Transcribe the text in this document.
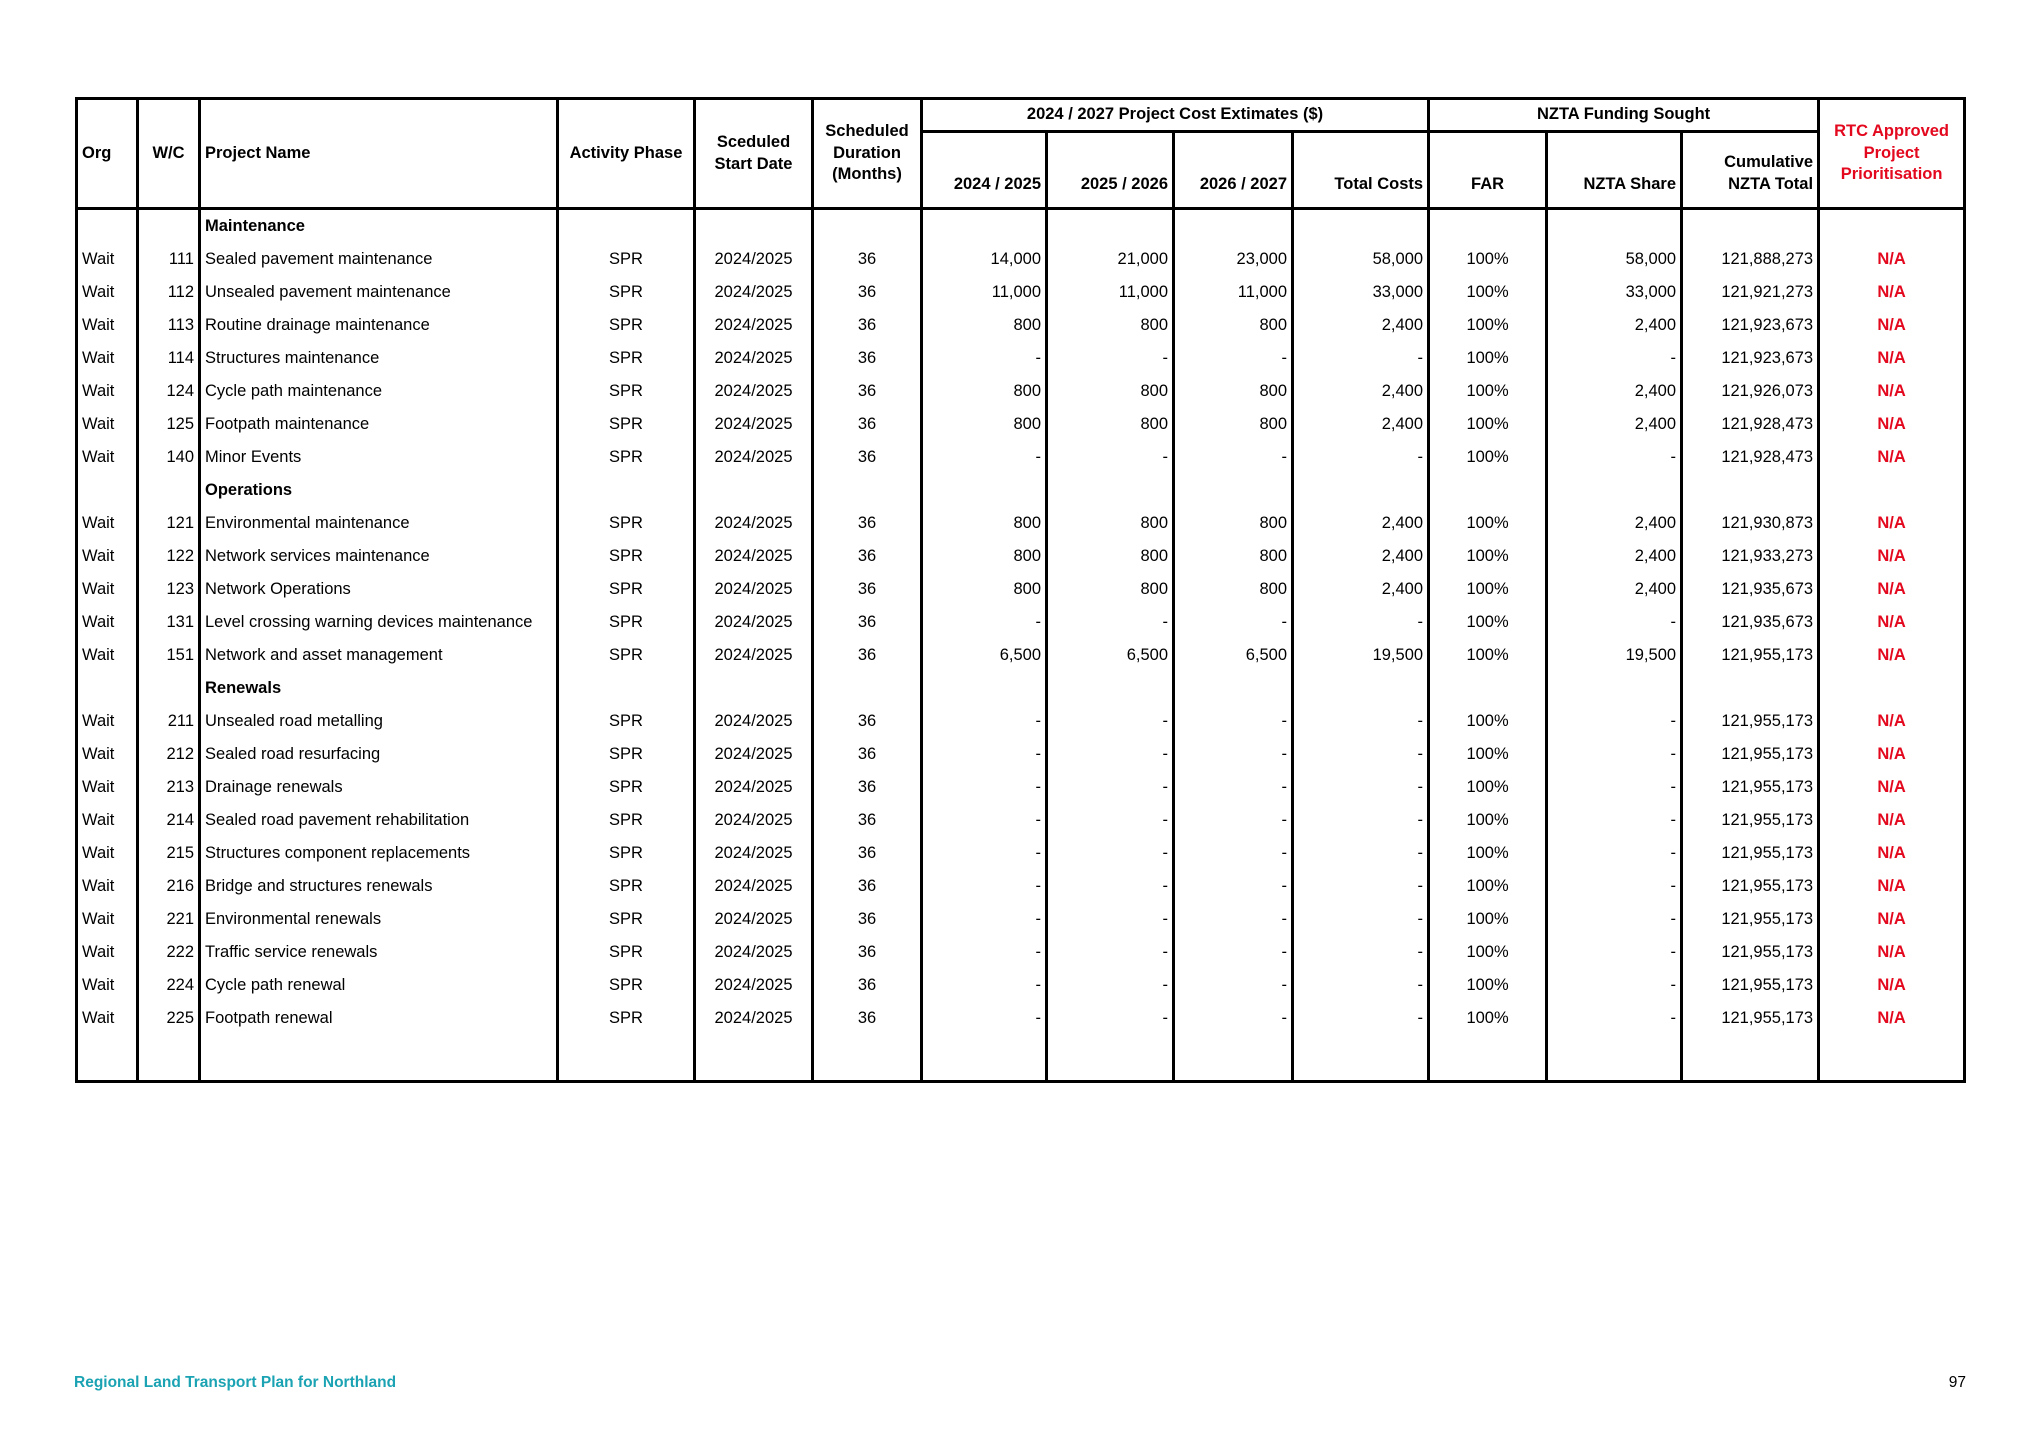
Org	W/C	Project Name	Activity Phase	Sceduled Start Date	Scheduled Duration (Months)	2024 / 2027 Project Cost Extimates ($)				NZTA Funding Sought			RTC Approved Project Prioritisation
						2024 / 2025	2025 / 2026	2026 / 2027	Total Costs	FAR	NZTA Share	Cumulative NZTA Total	
		Maintenance											
Wait	111	Sealed pavement maintenance	SPR	2024/2025	36	14,000	21,000	23,000	58,000	100%	58,000	121,888,273	N/A
Wait	112	Unsealed pavement maintenance	SPR	2024/2025	36	11,000	11,000	11,000	33,000	100%	33,000	121,921,273	N/A
Wait	113	Routine drainage maintenance	SPR	2024/2025	36	800	800	800	2,400	100%	2,400	121,923,673	N/A
Wait	114	Structures maintenance	SPR	2024/2025	36	-	-	-	-	100%	-	121,923,673	N/A
Wait	124	Cycle path maintenance	SPR	2024/2025	36	800	800	800	2,400	100%	2,400	121,926,073	N/A
Wait	125	Footpath maintenance	SPR	2024/2025	36	800	800	800	2,400	100%	2,400	121,928,473	N/A
Wait	140	Minor Events	SPR	2024/2025	36	-	-	-	-	100%	-	121,928,473	N/A
		Operations											
Wait	121	Environmental maintenance	SPR	2024/2025	36	800	800	800	2,400	100%	2,400	121,930,873	N/A
Wait	122	Network services maintenance	SPR	2024/2025	36	800	800	800	2,400	100%	2,400	121,933,273	N/A
Wait	123	Network Operations	SPR	2024/2025	36	800	800	800	2,400	100%	2,400	121,935,673	N/A
Wait	131	Level crossing warning devices maintenance	SPR	2024/2025	36	-	-	-	-	100%	-	121,935,673	N/A
Wait	151	Network and asset management	SPR	2024/2025	36	6,500	6,500	6,500	19,500	100%	19,500	121,955,173	N/A
		Renewals											
Wait	211	Unsealed road metalling	SPR	2024/2025	36	-	-	-	-	100%	-	121,955,173	N/A
Wait	212	Sealed road resurfacing	SPR	2024/2025	36	-	-	-	-	100%	-	121,955,173	N/A
Wait	213	Drainage renewals	SPR	2024/2025	36	-	-	-	-	100%	-	121,955,173	N/A
Wait	214	Sealed road pavement rehabilitation	SPR	2024/2025	36	-	-	-	-	100%	-	121,955,173	N/A
Wait	215	Structures component replacements	SPR	2024/2025	36	-	-	-	-	100%	-	121,955,173	N/A
Wait	216	Bridge and structures renewals	SPR	2024/2025	36	-	-	-	-	100%	-	121,955,173	N/A
Wait	221	Environmental renewals	SPR	2024/2025	36	-	-	-	-	100%	-	121,955,173	N/A
Wait	222	Traffic service renewals	SPR	2024/2025	36	-	-	-	-	100%	-	121,955,173	N/A
Wait	224	Cycle path renewal	SPR	2024/2025	36	-	-	-	-	100%	-	121,955,173	N/A
Wait	225	Footpath renewal	SPR	2024/2025	36	-	-	-	-	100%	-	121,955,173	N/A

Regional Land Transport Plan for Northland	97
